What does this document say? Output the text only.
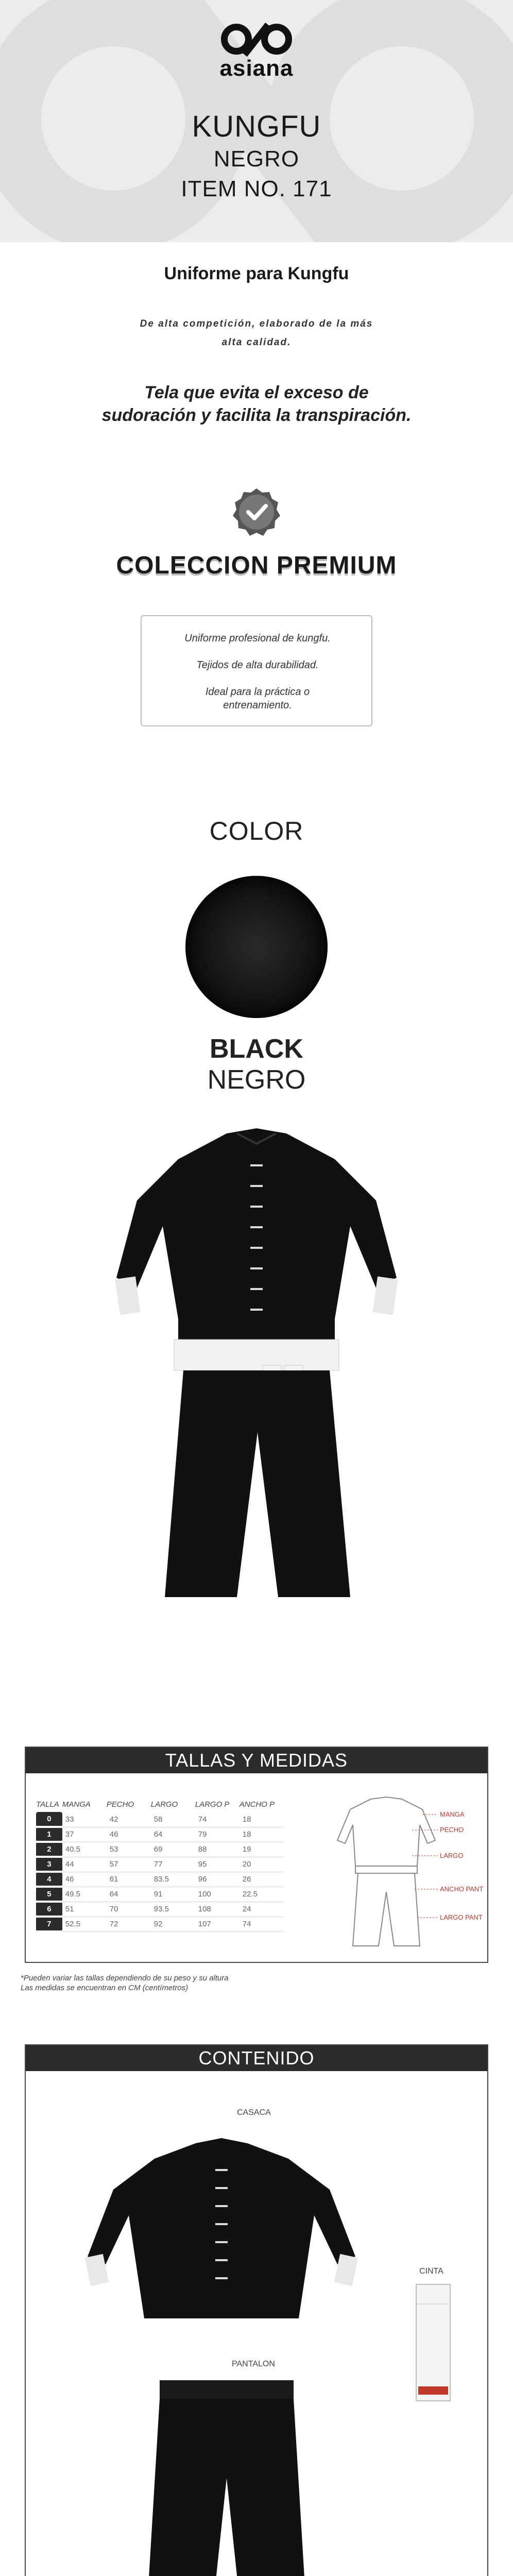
asiana
KUNGFU
NEGRO
ITEM NO. 171
Uniforme para Kungfu
De alta competición, elaborado de la más
alta calidad.
Tela que evita el exceso de
sudoración y facilita la transpiración.
COLECCION PREMIUM

Uniforme profesional de kungfu.

Tejidos de alta durabilidad.

Ideal para la práctica o

entrenamiento.

COLOR
BLACK
NEGRO
TALLAS Y MEDIDAS
TALLA	MANGA	PECHO	LARGO	LARGO P	ANCHO P
0	33	42	58	74	18
1	37	46	64	79	18
2	40.5	53	69	88	19
3	44	57	77	95	20
4	46	61	83.5	96	26
5	49.5	64	91	100	22.5
6	51	70	93.5	108	24
7	52.5	72	92	107	74
MANGA
PECHO
LARGO
ANCHO PANT
LARGO PANT
*Pueden variar las tallas dependiendo de su peso y su altura
Las medidas se encuentran en CM (centímetros)
CONTENIDO
CASACA
CINTA
PANTALON
